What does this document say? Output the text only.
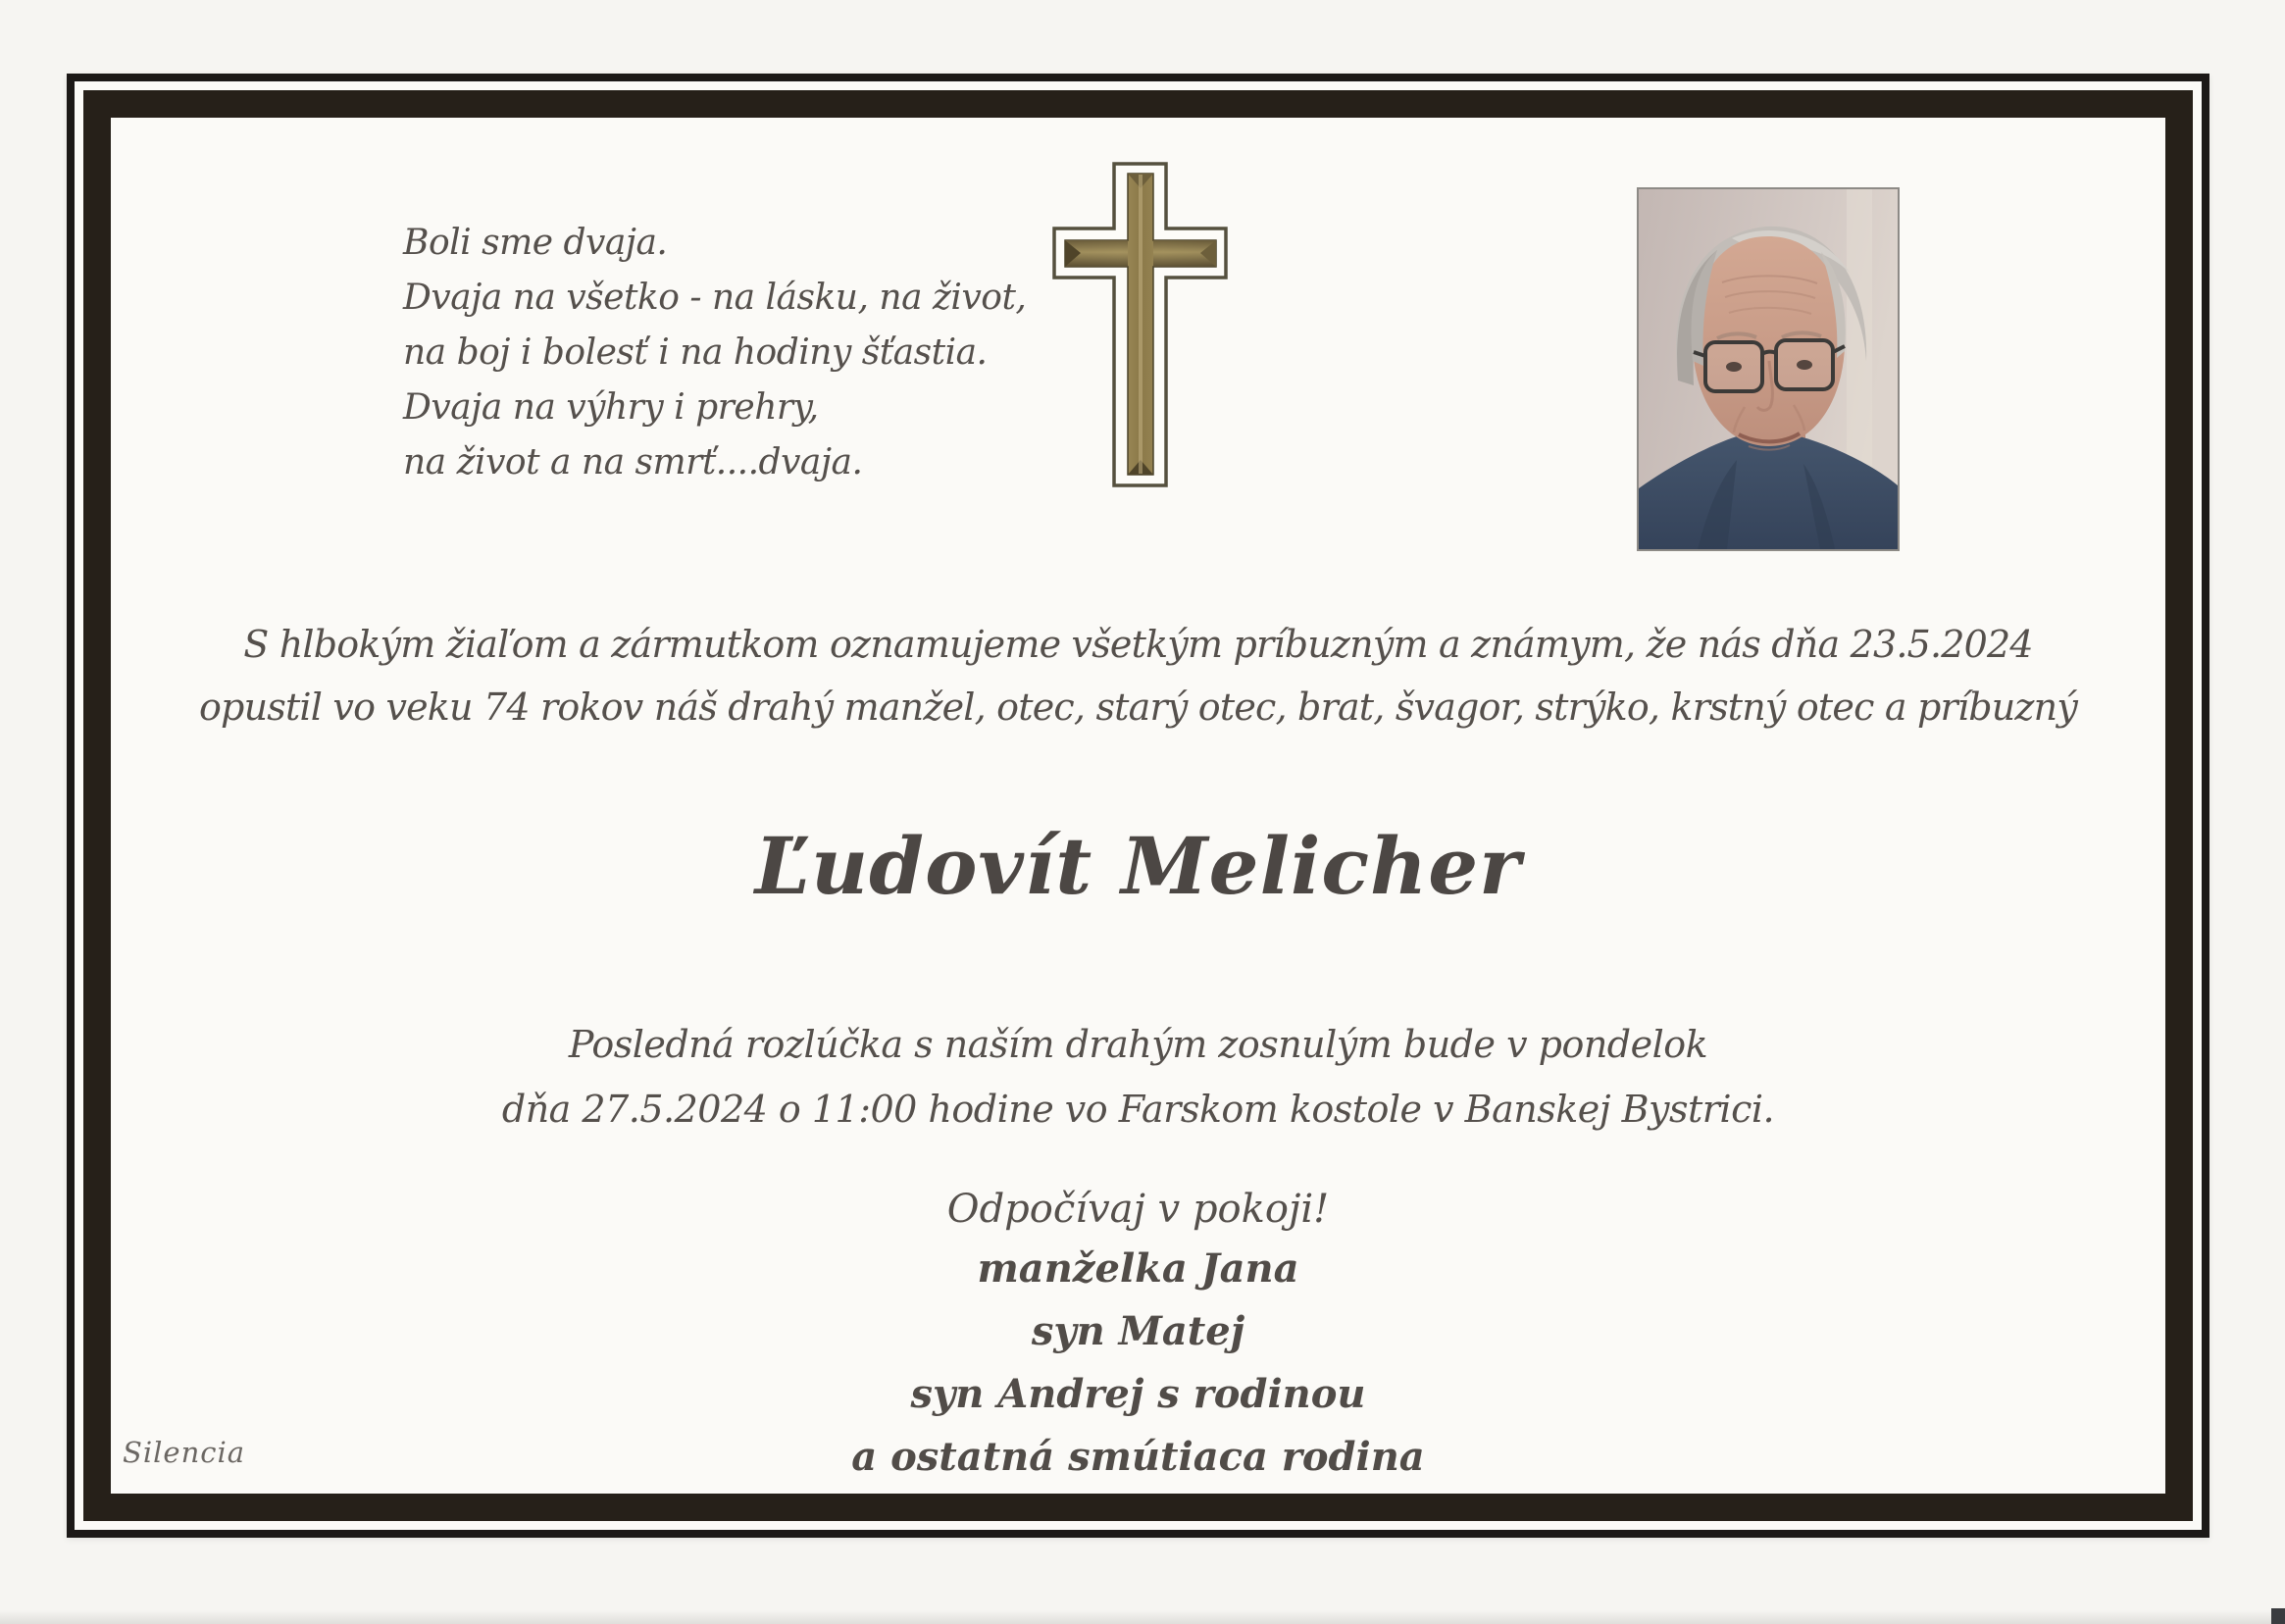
Boli sme dvaja.
Dvaja na všetko - na lásku, na život,
na boj i bolesť i na hodiny šťastia.
Dvaja na výhry i prehry,
na život a na smrť....dvaja.
S hlbokým žiaľom a zármutkom oznamujeme všetkým príbuzným a známym, že nás dňa 23.5.2024
opustil vo veku 74 rokov náš drahý manžel, otec, starý otec, brat, švagor, strýko, krstný otec a príbuzný
Ľudovít Melicher
Posledná rozlúčka s naším drahým zosnulým bude v pondelok
dňa 27.5.2024 o 11:00 hodine vo Farskom kostole v Banskej Bystrici.
Odpočívaj v pokoji!
manželka Jana
syn Matej
syn Andrej s rodinou
a ostatná smútiaca rodina
Silencia
